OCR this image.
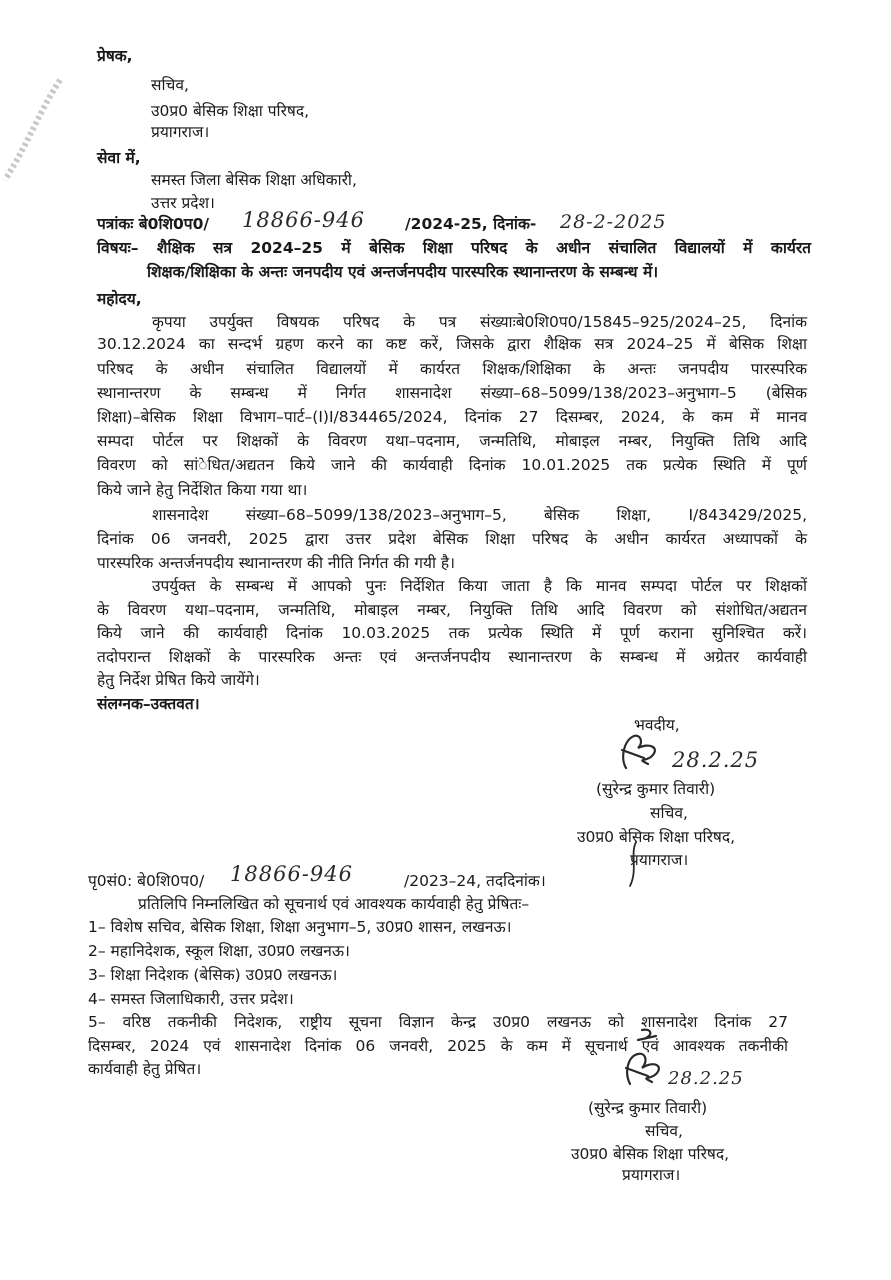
प्रेषक,
सचिव,
उ0प्र0 बेसिक शिक्षा परिषद,
प्रयागराज।
सेवा में,
समस्त जिला बेसिक शिक्षा अधिकारी,
उत्तर प्रदेश।
पत्रांकः बे0शि0प0/ 18866-946	/2024-25, दिनांक- 28-2-2025
विषयः– शैक्षिक सत्र 2024–25 में बेसिक शिक्षा परिषद के अधीन संचालित विद्यालयों में कार्यरत
शिक्षक/शिक्षिका के अन्तः जनपदीय एवं अन्तर्जनपदीय पारस्परिक स्थानान्तरण के सम्बन्ध में।
महोदय,
कृपया उपर्युक्त विषयक परिषद के पत्र संख्याःबे0शि0प0/15845–925/2024–25, दिनांक
30.12.2024 का सन्दर्भ ग्रहण करने का कष्ट करें, जिसके द्वारा शैक्षिक सत्र 2024–25 में बेसिक शिक्षा
परिषद के अधीन संचालित विद्यालयों में कार्यरत शिक्षक/शिक्षिका के अन्तः जनपदीय पारस्परिक
स्थानान्तरण के सम्बन्ध में निर्गत शासनादेश संख्या–68–5099/138/2023–अनुभाग–5 (बेसिक
शिक्षा)–बेसिक शिक्षा विभाग–पार्ट–(I)I/834465/2024, दिनांक 27 दिसम्बर, 2024, के कम में मानव
सम्पदा पोर्टल पर शिक्षकों के विवरण यथा–पदनाम, जन्मतिथि, मोबाइल नम्बर, नियुक्ति तिथि आदि
विवरण को सांेधित/अद्यतन किये जाने की कार्यवाही दिनांक 10.01.2025 तक प्रत्येक स्थिति में पूर्ण
किये जाने हेतु निर्देशित किया गया था।
शासनादेश संख्या–68–5099/138/2023–अनुभाग–5, बेसिक शिक्षा, I/843429/2025,
दिनांक 06 जनवरी, 2025 द्वारा उत्तर प्रदेश बेसिक शिक्षा परिषद के अधीन कार्यरत अध्यापकों के
पारस्परिक अन्तर्जनपदीय स्थानान्तरण की नीति निर्गत की गयी है।
उपर्युक्त के सम्बन्ध में आपको पुनः निर्देशित किया जाता है कि मानव सम्पदा पोर्टल पर शिक्षकों
के विवरण यथा–पदनाम, जन्मतिथि, मोबाइल नम्बर, नियुक्ति तिथि आदि विवरण को संशोधित/अद्यतन
किये जाने की कार्यवाही दिनांक 10.03.2025 तक प्रत्येक स्थिति में पूर्ण कराना सुनिश्चित करें।
तदोपरान्त शिक्षकों के पारस्परिक अन्तः एवं अन्तर्जनपदीय स्थानान्तरण के सम्बन्ध में अग्रेतर कार्यवाही
हेतु निर्देश प्रेषित किये जायेंगे।
संलग्नक–उक्तवत।
भवदीय,
28.2.25
(सुरेन्द्र कुमार तिवारी)
सचिव,
उ0प्र0 बेसिक शिक्षा परिषद,
प्रयागराज।
पृ0सं0: बे0शि0प0/ 18866-946	/2023–24, तददिनांक।
प्रतिलिपि निम्नलिखित को सूचनार्थ एवं आवश्यक कार्यवाही हेतु प्रेषितः–
1– विशेष सचिव, बेसिक शिक्षा, शिक्षा अनुभाग–5, उ0प्र0 शासन, लखनऊ।
2– महानिदेशक, स्कूल शिक्षा, उ0प्र0 लखनऊ।
3– शिक्षा निदेशक (बेसिक) उ0प्र0 लखनऊ।
4– समस्त जिलाधिकारी, उत्तर प्रदेश।
5– वरिष्ठ तकनीकी निदेशक, राष्ट्रीय सूचना विज्ञान केन्द्र उ0प्र0 लखनऊ को शासनादेश दिनांक 27
दिसम्बर, 2024 एवं शासनादेश दिनांक 06 जनवरी, 2025 के कम में सूचनार्थ एवं आवश्यक तकनीकी
कार्यवाही हेतु प्रेषित।	28.2.25
(सुरेन्द्र कुमार तिवारी)
सचिव,
उ0प्र0 बेसिक शिक्षा परिषद,
प्रयागराज।
